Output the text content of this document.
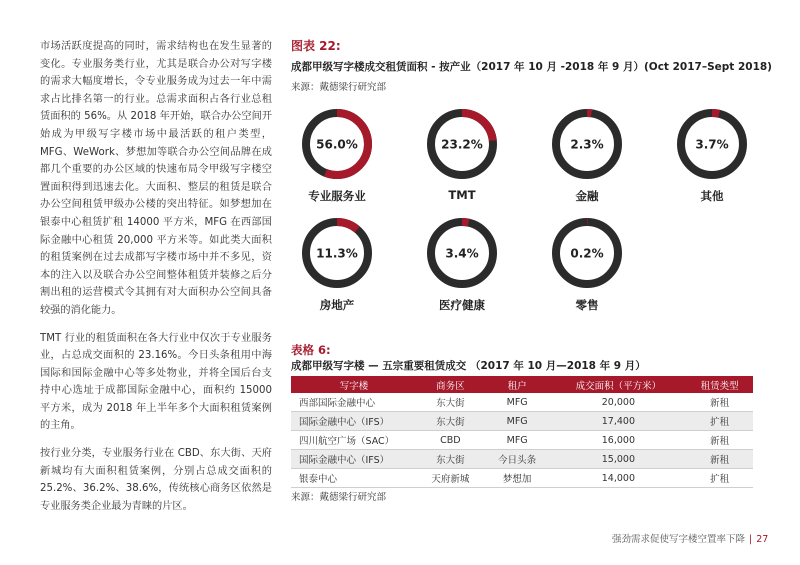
市场活跃度提高的同时，需求结构也在发生显著的变化。专业服务类行业，尤其是联合办公对写字楼的需求大幅度增长，令专业服务成为过去一年中需求占比排名第一的行业。总需求面积占各行业总租赁面积的 56%。从 2018 年开始，联合办公空间开始成为甲级写字楼市场中最活跃的租户类型，MFG、WeWork、梦想加等联合办公空间品牌在成都几个重要的办公区域的快速布局令甲级写字楼空置面积得到迅速去化。大面积、整层的租赁是联合办公空间租赁甲级办公楼的突出特征。如梦想加在银泰中心租赁扩租 14000 平方米，MFG 在西部国际金融中心租赁 20,000 平方米等。如此类大面积的租赁案例在过去成都写字楼市场中并不多见，资本的注入以及联合办公空间整体租赁并装修之后分割出租的运营模式令其拥有对大面积办公空间具备较强的消化能力。

TMT 行业的租赁面积在各大行业中仅次于专业服务业，占总成交面积的 23.16%。今日头条租用中海国际和国际金融中心等多处物业，并将全国后台支持中心选址于成都国际金融中心，面积约 15000 平方米，成为 2018 年上半年多个大面积租赁案例的主角。

按行业分类，专业服务行业在 CBD、东大街、天府新城均有大面积租赁案例，分别占总成交面积的 25.2%、36.2%、38.6%，传统核心商务区依然是专业服务类企业最为青睐的片区。

图表 22:
成都甲级写字楼成交租赁面积 - 按产业（2017 年 10 月 -2018 年 9 月）(Oct 2017–Sept 2018)
来源：戴德梁行研究部
56.0%
专业服务业
23.2%
TMT
2.3%
金融
3.7%
其他
11.3%
房地产
3.4%
医疗健康
0.2%
零售
表格 6:
成都甲级写字楼 — 五宗重要租赁成交 （2017 年 10 月—2018 年 9 月）
写字楼	商务区	租户	成交面积（平方米）	租赁类型
西部国际金融中心	东大街	MFG	20,000	新租
国际金融中心（IFS）	东大街	MFG	17,400	扩租
四川航空广场（SAC）	CBD	MFG	16,000	新租
国际金融中心（IFS）	东大街	今日头条	15,000	新租
银泰中心	天府新城	梦想加	14,000	扩租
来源：戴德梁行研究部
强劲需求促使写字楼空置率下降 | 27
